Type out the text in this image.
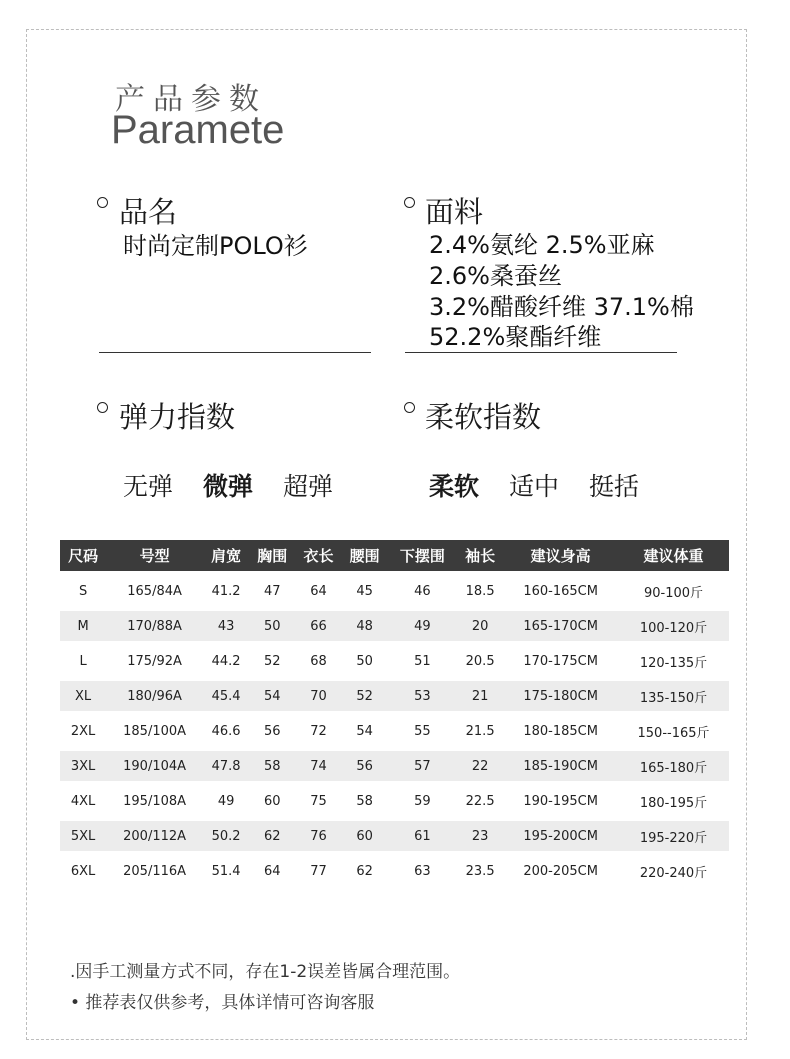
产品参数
Paramete
品名
时尚定制POLO衫
面料
2.4%氨纶 2.5%亚麻
2.6%桑蚕丝
3.2%醋酸纤维 37.1%棉
52.2%聚酯纤维
弹力指数
无弹 微弹 超弹
柔软指数
柔软 适中 挺括
尺码	号型	肩宽	胸围	衣长	腰围	下摆围	袖长	建议身高	建议体重
S	165/84A	41.2	47	64	45	46	18.5	160-165CM	90-100斤
M	170/88A	43	50	66	48	49	20	165-170CM	100-120斤
L	175/92A	44.2	52	68	50	51	20.5	170-175CM	120-135斤
XL	180/96A	45.4	54	70	52	53	21	175-180CM	135-150斤
2XL	185/100A	46.6	56	72	54	55	21.5	180-185CM	150--165斤
3XL	190/104A	47.8	58	74	56	57	22	185-190CM	165-180斤
4XL	195/108A	49	60	75	58	59	22.5	190-195CM	180-195斤
5XL	200/112A	50.2	62	76	60	61	23	195-200CM	195-220斤
6XL	205/116A	51.4	64	77	62	63	23.5	200-205CM	220-240斤
.因手工测量方式不同，存在1-2误差皆属合理范围。
• 推荐表仅供参考，具体详情可咨询客服
